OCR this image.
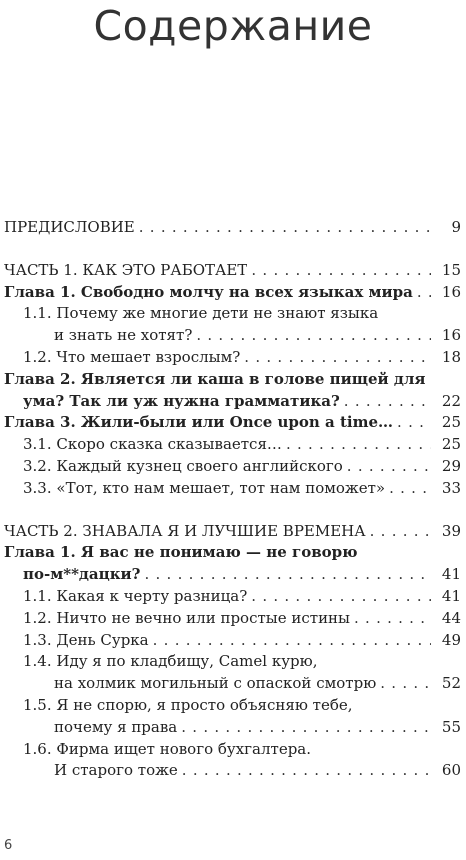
Содержание
ПРЕДИСЛОВИЕ . . .	9
ЧАСТЬ 1. КАК ЭТО РАБОТАЕТ . . .	15
Глава 1. Свободно молчу на всех языках мира . . . 16
1.1. Почему же многие дети не знают языка
и знать не хотят? . . .	16
1.2. Что мешает взрослым? . . .	18
Глава 2. Является ли каша в голове пищей для
ума? Так ли уж нужна грамматика? . . .	22
Глава 3. Жили-были или Once upon a time… . . .	25
3.1. Скоро сказка сказывается… . . .	25
3.2. Каждый кузнец своего английского . . .	29
3.3. «Тот, кто нам мешает, тот нам поможет» . . .	33
ЧАСТЬ 2. ЗНАВАЛА Я И ЛУЧШИЕ ВРЕМЕНА . . .	39
Глава 1. Я вас не понимаю — не говорю
по-м**дацки? . . .	41
1.1. Какая к черту разница? . . .	41
1.2. Ничто не вечно или простые истины . . .	44
1.3. День Сурка . . .	49
1.4. Иду я по кладбищу, Camel курю,
на холмик могильный с опаской смотрю . . .	52
1.5. Я не спорю, я просто объясняю тебе,
почему я права . . .	55
1.6. Фирма ищет нового бухгалтера.
И старого тоже . . .	60
6
